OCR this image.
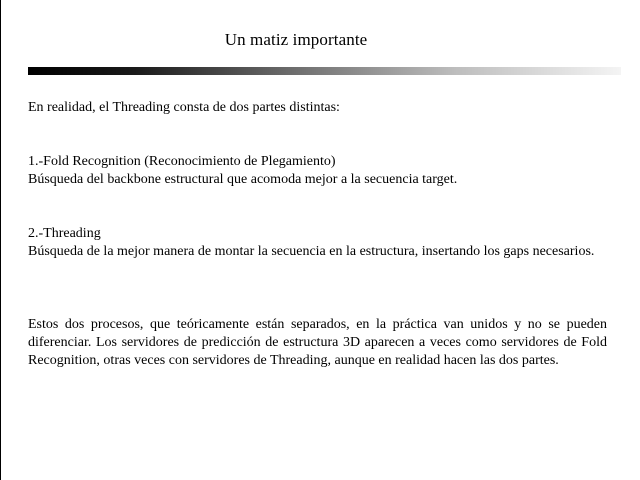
Un matiz importante

En realidad, el Threading consta de dos partes distintas:

1.-Fold Recognition (Reconocimiento de Plegamiento)
Búsqueda del backbone estructural que acomoda mejor a la secuencia target.
2.-Threading
Búsqueda de la mejor manera de montar la secuencia en la estructura, insertando los gaps necesarios.

Estos dos procesos, que teóricamente están separados, en la práctica van unidos y no se pueden diferenciar. Los servidores de predicción de estructura 3D aparecen a veces como servidores de Fold Recognition, otras veces con servidores de Threading, aunque en realidad hacen las dos partes.
